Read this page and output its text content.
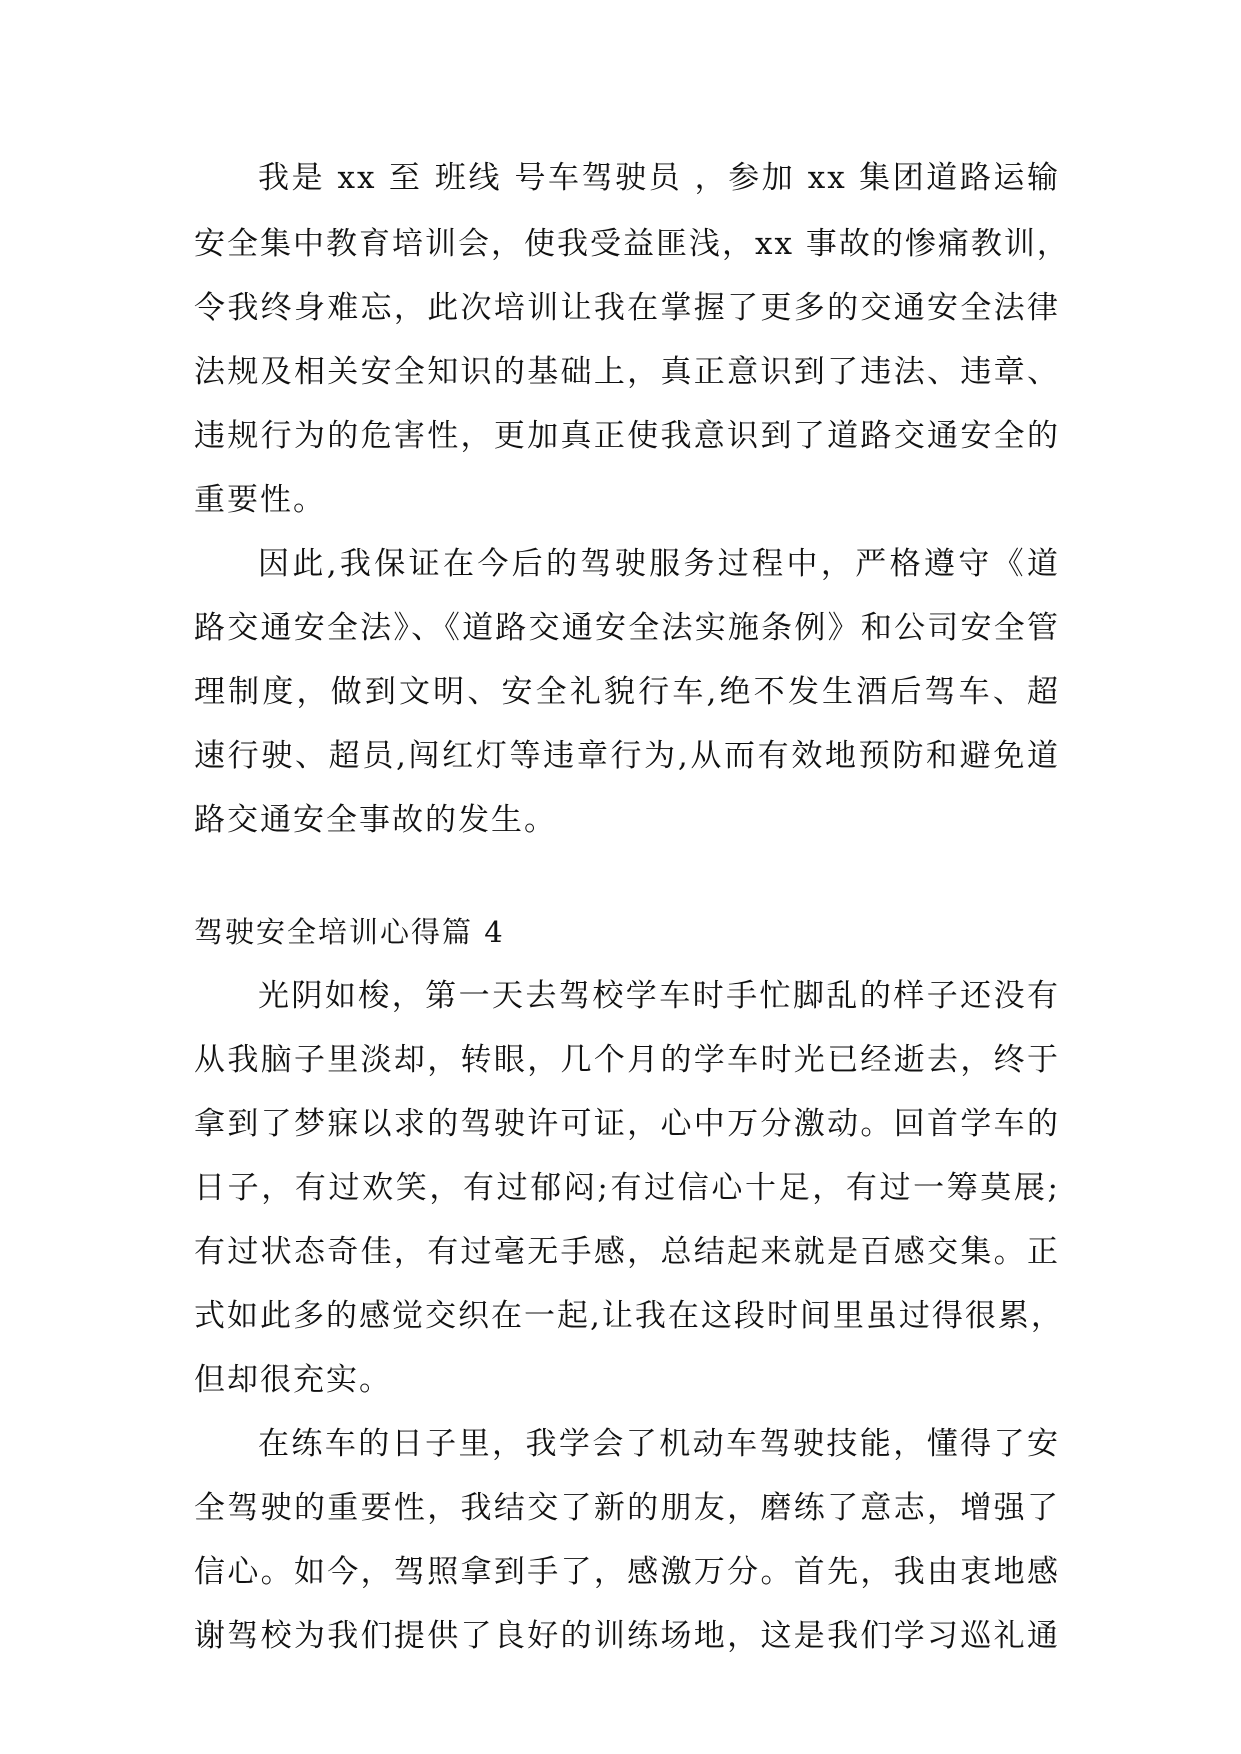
我是 xx 至 班线 号车驾驶员 ，参加 xx 集团道路运输
安全集中教育培训会，使我受益匪浅，xx 事故的惨痛教训，
令我终身难忘，此次培训让我在掌握了更多的交通安全法律
法规及相关安全知识的基础上，真正意识到了违法、违章、
违规行为的危害性，更加真正使我意识到了道路交通安全的
重要性。
因此,我保证在今后的驾驶服务过程中，严格遵守《道
路交通安全法》、《道路交通安全法实施条例》和公司安全管
理制度，做到文明、安全礼貌行车,绝不发生酒后驾车、超
速行驶、超员,闯红灯等违章行为,从而有效地预防和避免道
路交通安全事故的发生。
驾驶安全培训心得篇 4
光阴如梭，第一天去驾校学车时手忙脚乱的样子还没有
从我脑子里淡却，转眼，几个月的学车时光已经逝去，终于
拿到了梦寐以求的驾驶许可证，心中万分激动。回首学车的
日子，有过欢笑，有过郁闷;有过信心十足，有过一筹莫展;
有过状态奇佳，有过毫无手感，总结起来就是百感交集。正
式如此多的感觉交织在一起,让我在这段时间里虽过得很累，
但却很充实。
在练车的日子里，我学会了机动车驾驶技能，懂得了安
全驾驶的重要性，我结交了新的朋友，磨练了意志，增强了
信心。如今，驾照拿到手了，感激万分。首先，我由衷地感
谢驾校为我们提供了良好的训练场地，这是我们学习巡礼通
